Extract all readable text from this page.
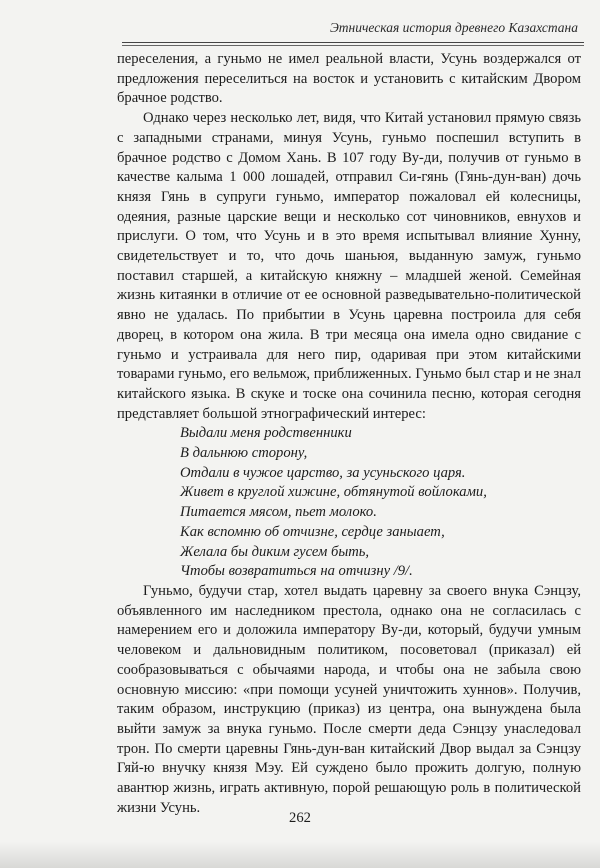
Этническая история древнего Казахстана

переселения, а гуньмо не имел реальной власти, Усунь воздержался от предложения переселиться на восток и установить с китайским Двором брачное родство.

Однако через несколько лет, видя, что Китай установил прямую связь с западными странами, минуя Усунь, гуньмо поспешил вступить в брачное родство с Домом Хань. В 107 году Ву-ди, получив от гуньмо в качестве калыма 1 000 лошадей, отправил Си-гянь (Гянь-дун-ван) дочь князя Гянь в супруги гуньмо, император пожаловал ей колесницы, одеяния, разные царские вещи и несколько сот чиновников, евнухов и прислуги. О том, что Усунь и в это время испытывал влияние Хунну, свидетельствует и то, что дочь шаньюя, выданную замуж, гуньмо поставил старшей, а китайскую княжну – младшей женой. Семейная жизнь китаянки в отличие от ее основной разведывательно-политической явно не удалась. По прибытии в Усунь царевна построила для себя дворец, в котором она жила. В три месяца она имела одно свидание с гуньмо и устраивала для него пир, одаривая при этом китайскими товарами гуньмо, его вельмож, приближенных. Гуньмо был стар и не знал китайского языка. В скуке и тоске она сочинила песню, которая сегодня представляет большой этнографический интерес:

Выдали меня родственники
В дальнюю сторону,
Отдали в чужое царство, за усуньского царя.
Живет в круглой хижине, обтянутой войлоками,
Питается мясом, пьет молоко.
Как вспомню об отчизне, сердце заныает,
Желала бы диким гусем быть,
Чтобы возвратиться на отчизну /9/.

Гуньмо, будучи стар, хотел выдать царевну за своего внука Сэнцзу, объявленного им наследником престола, однако она не согласилась с намерением его и доложила императору Ву-ди, который, будучи умным человеком и дальновидным политиком, посоветовал (приказал) ей сообразовываться с обычаями народа, и чтобы она не забыла свою основную миссию: «при помощи усуней уничтожить хуннов». Получив, таким образом, инструкцию (приказ) из центра, она вынуждена была выйти замуж за внука гуньмо. После смерти деда Сэнцзу унаследовал трон. По смерти царевны Гянь-дун-ван китайский Двор выдал за Сэнцзу Гяй-ю внучку князя Мэу. Ей суждено было прожить долгую, полную авантюр жизнь, играть активную, порой решающую роль в политической жизни Усунь.

262
